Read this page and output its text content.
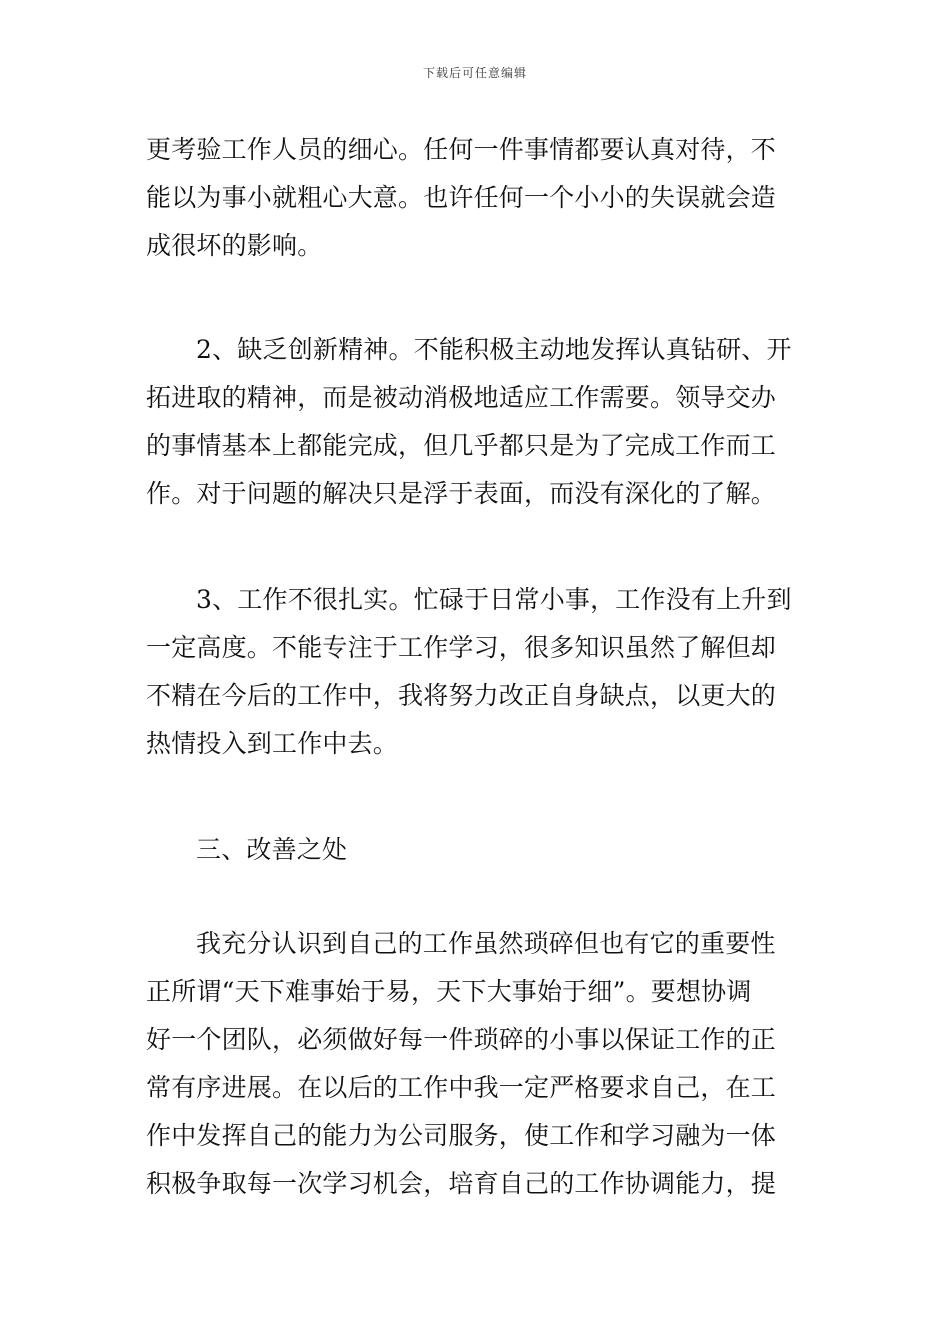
下载后可任意编辑
更考验工作人员的细心。任何一件事情都要认真对待，不
能以为事小就粗心大意。也许任何一个小小的失误就会造
成很坏的影响。
2、缺乏创新精神。不能积极主动地发挥认真钻研、开
拓进取的精神，而是被动消极地适应工作需要。领导交办
的事情基本上都能完成，但几乎都只是为了完成工作而工
作。对于问题的解决只是浮于表面，而没有深化的了解。
3、工作不很扎实。忙碌于日常小事，工作没有上升到
一定高度。不能专注于工作学习，很多知识虽然了解但却
不精在今后的工作中，我将努力改正自身缺点，以更大的
热情投入到工作中去。
三、改善之处
我充分认识到自己的工作虽然琐碎但也有它的重要性
正所谓“天下难事始于易，天下大事始于细”。要想协调
好一个团队，必须做好每一件琐碎的小事以保证工作的正
常有序进展。在以后的工作中我一定严格要求自己，在工
作中发挥自己的能力为公司服务，使工作和学习融为一体
积极争取每一次学习机会，培育自己的工作协调能力，提
